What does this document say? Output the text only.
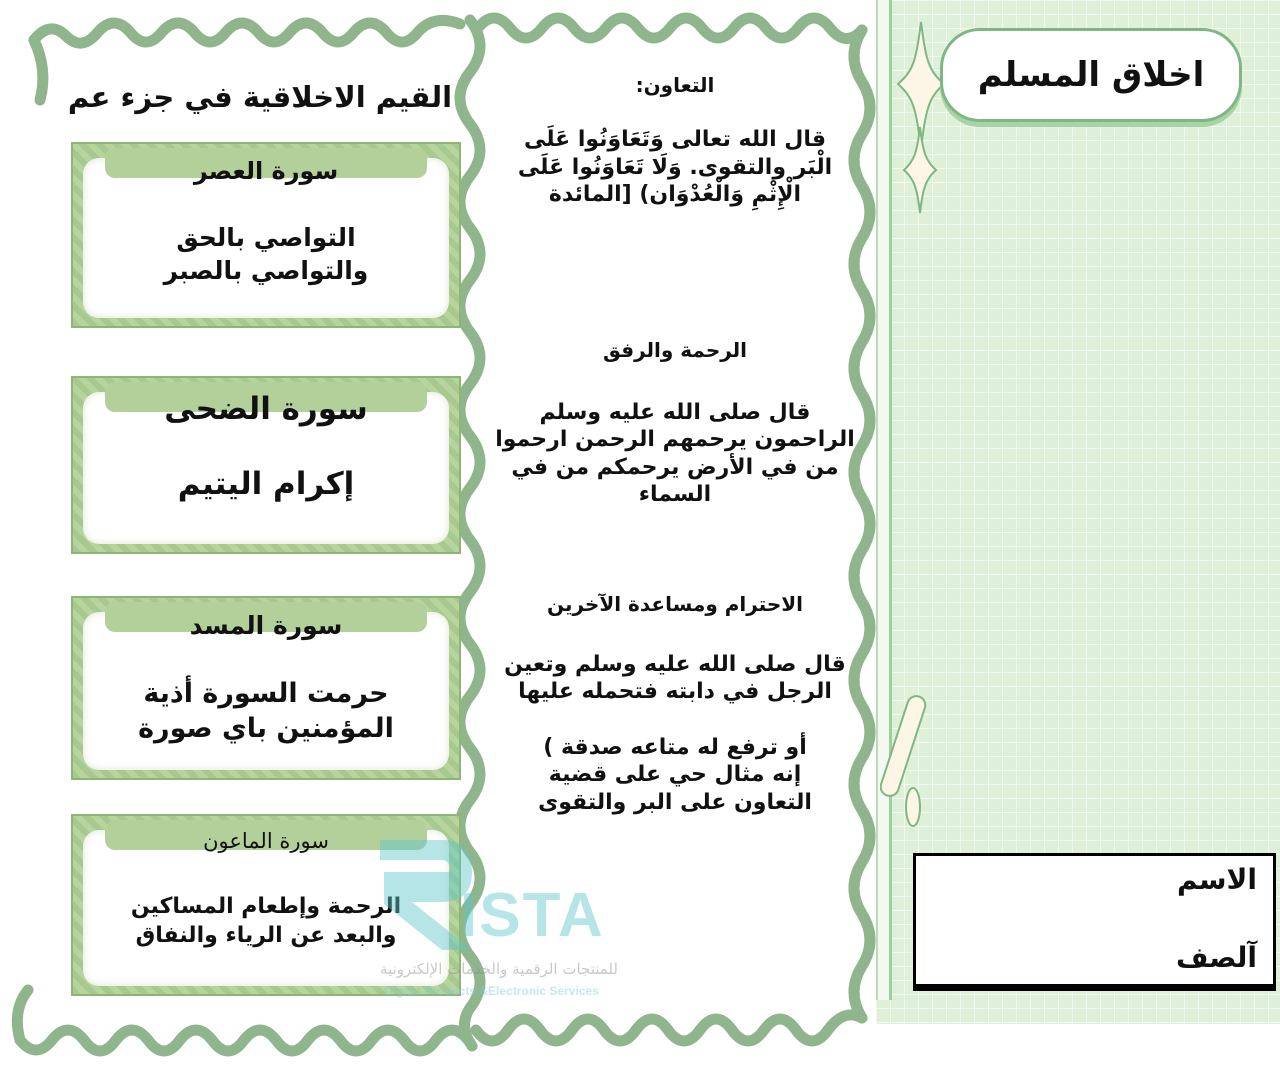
اخلاق المسلم
الاسم
آلصف
القيم الاخلاقية في جزء عم
سورة العصر
التواصي بالحق والتواصي بالصبر
سورة الضحى
إكرام اليتيم
سورة المسد
حرمت السورة أذية المؤمنين باي صورة
سورة الماعون
الرحمة وإطعام المساكين والبعد عن الرياء والنفاق
التعاون:
قال الله تعالى وَتَعَاوَنُوا عَلَى الْبَر والتقوى. وَلَا تَعَاوَنُوا عَلَى الْإِثْمِ وَالْعُدْوَان) [المائدة
الرحمة والرفق
قال صلى الله عليه وسلم الراحمون يرحمهم الرحمن ارحموا من في الأرض يرحمكم من في السماء
الاحترام ومساعدة الآخرين
قال صلى الله عليه وسلم وتعين الرجل في دابته فتحمله عليها
أو ترفع له متاعه صدقة ) إنه مثال حي على قضية التعاون على البر والتقوى
ISTA
للمنتجات الرقمية والخدمات الإلكترونية
Digital Products &Electronic Services
